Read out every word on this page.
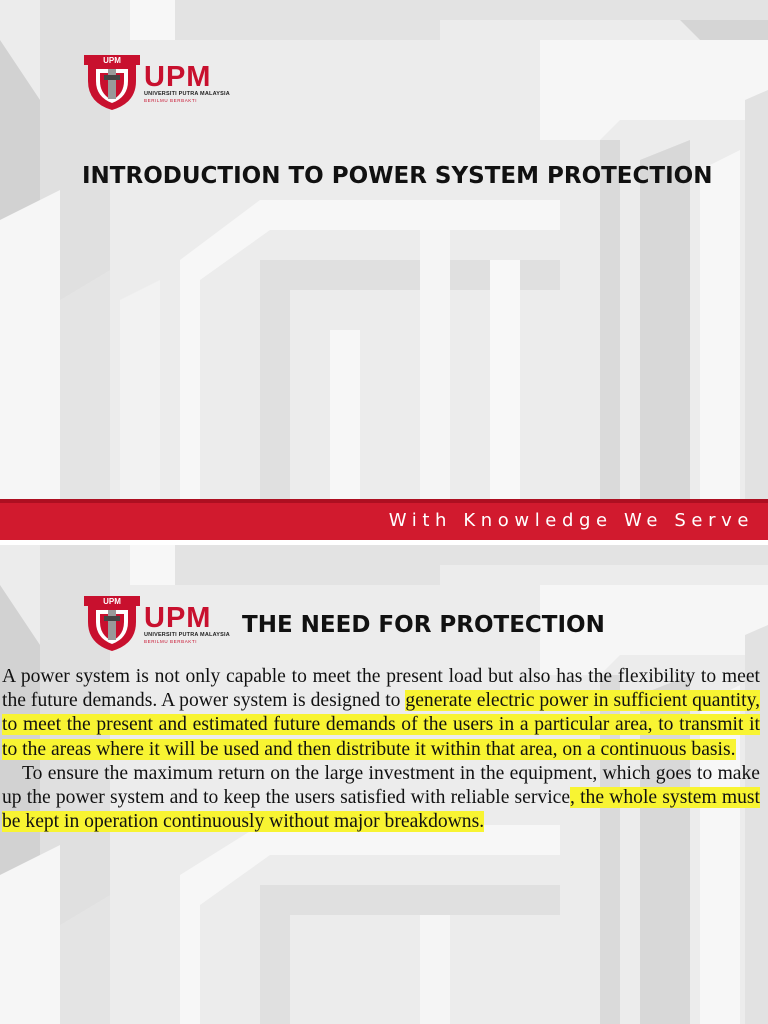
UPM UPM
UNIVERSITI PUTRA MALAYSIA
BERILMU BERBAKTI
INTRODUCTION TO POWER SYSTEM PROTECTION
With Knowledge We Serve
UPM UPM
UNIVERSITI PUTRA MALAYSIA
BERILMU BERBAKTI
THE NEED FOR PROTECTION

A power system is not only capable to meet the present load but also has the flexibility to meet the future demands. A power system is designed to generate electric power in sufficient quantity, to meet the present and estimated future demands of the users in a particular area, to transmit it to the areas where it will be used and then distribute it within that area, on a continuous basis.

To ensure the maximum return on the large investment in the equipment, which goes to make up the power system and to keep the users satisfied with reliable service, the whole system must be kept in operation continuously without major breakdowns.
